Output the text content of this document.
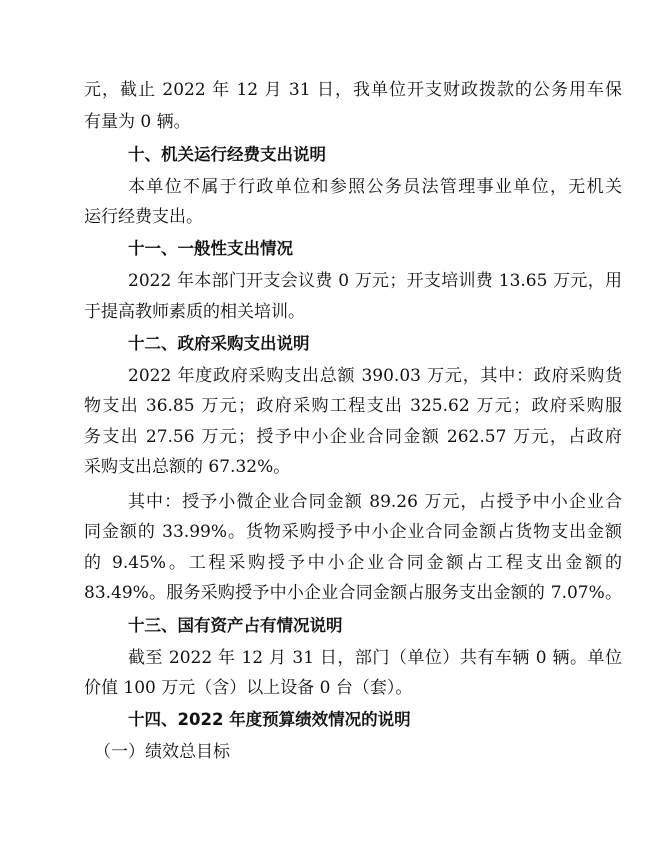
元，截止 2022 年 12 月 31 日，我单位开支财政拨款的公务用车保
有量为 0 辆。
十、机关运行经费支出说明
本单位不属于行政单位和参照公务员法管理事业单位，无机关
运行经费支出。
十一、一般性支出情况
2022 年本部门开支会议费 0 万元；开支培训费 13.65 万元，用
于提高教师素质的相关培训。
十二、政府采购支出说明
2022 年度政府采购支出总额 390.03 万元，其中：政府采购货
物支出 36.85 万元；政府采购工程支出 325.62 万元；政府采购服
务支出 27.56 万元；授予中小企业合同金额 262.57 万元，占政府
采购支出总额的 67.32%。
其中：授予小微企业合同金额 89.26 万元，占授予中小企业合
同金额的 33.99%。货物采购授予中小企业合同金额占货物支出金额
的 9.45%。工程采购授予中小企业合同金额占工程支出金额的
83.49%。服务采购授予中小企业合同金额占服务支出金额的 7.07%。
十三、国有资产占有情况说明
截至 2022 年 12 月 31 日，部门（单位）共有车辆 0 辆。单位
价值 100 万元（含）以上设备 0 台（套）。
十四、2022 年度预算绩效情况的说明
（一）绩效总目标
